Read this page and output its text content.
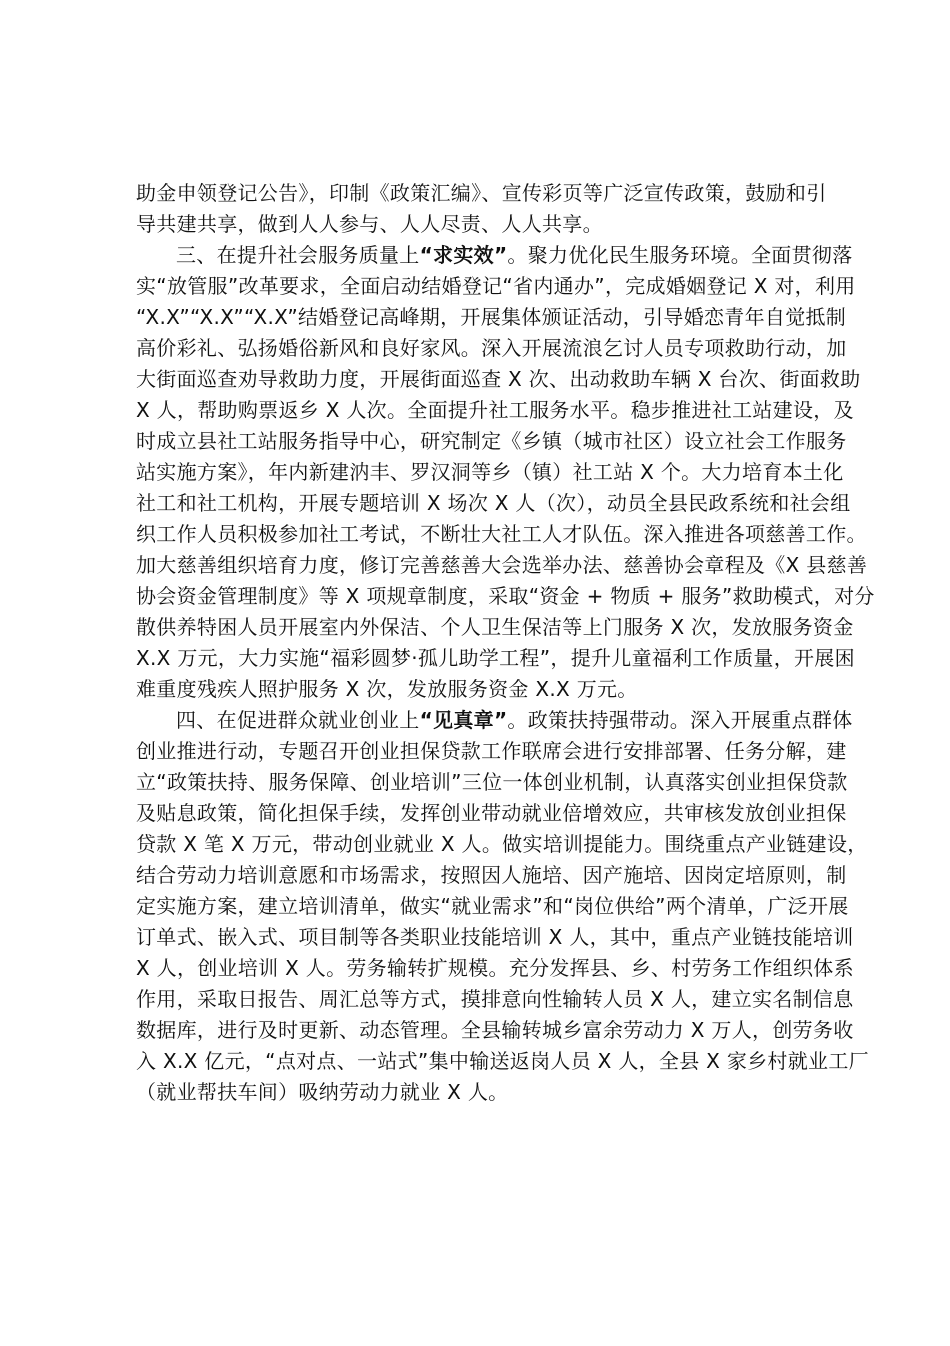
助金申领登记公告》，印制《政策汇编》、宣传彩页等广泛宣传政策，鼓励和引
导共建共享，做到人人参与、人人尽责、人人共享。

三、在提升社会服务质量上“求实效”。聚力优化民生服务环境。全面贯彻落
实“放管服”改革要求，全面启动结婚登记“省内通办”，完成婚姻登记 X 对，利用
“X.X”“X.X”“X.X”结婚登记高峰期，开展集体颁证活动，引导婚恋青年自觉抵制
高价彩礼、弘扬婚俗新风和良好家风。深入开展流浪乞讨人员专项救助行动，加
大街面巡查劝导救助力度，开展街面巡查 X 次、出动救助车辆 X 台次、街面救助
X 人，帮助购票返乡 X 人次。全面提升社工服务水平。稳步推进社工站建设，及
时成立县社工站服务指导中心，研究制定《乡镇（城市社区）设立社会工作服务
站实施方案》，年内新建汭丰、罗汉洞等乡（镇）社工站 X 个。大力培育本土化
社工和社工机构，开展专题培训 X 场次 X 人（次），动员全县民政系统和社会组
织工作人员积极参加社工考试，不断壮大社工人才队伍。深入推进各项慈善工作。
加大慈善组织培育力度，修订完善慈善大会选举办法、慈善协会章程及《X 县慈善
协会资金管理制度》等 X 项规章制度，采取“资金 + 物质 + 服务”救助模式，对分
散供养特困人员开展室内外保洁、个人卫生保洁等上门服务 X 次，发放服务资金
X.X 万元，大力实施“福彩圆梦·孤儿助学工程”，提升儿童福利工作质量，开展困
难重度残疾人照护服务 X 次，发放服务资金 X.X 万元。

四、在促进群众就业创业上“见真章”。政策扶持强带动。深入开展重点群体
创业推进行动，专题召开创业担保贷款工作联席会进行安排部署、任务分解，建
立“政策扶持、服务保障、创业培训”三位一体创业机制，认真落实创业担保贷款
及贴息政策，简化担保手续，发挥创业带动就业倍增效应，共审核发放创业担保
贷款 X 笔 X 万元，带动创业就业 X 人。做实培训提能力。围绕重点产业链建设，
结合劳动力培训意愿和市场需求，按照因人施培、因产施培、因岗定培原则，制
定实施方案，建立培训清单，做实“就业需求”和“岗位供给”两个清单，广泛开展
订单式、嵌入式、项目制等各类职业技能培训 X 人，其中，重点产业链技能培训
X 人，创业培训 X 人。劳务输转扩规模。充分发挥县、乡、村劳务工作组织体系
作用，采取日报告、周汇总等方式，摸排意向性输转人员 X 人，建立实名制信息
数据库，进行及时更新、动态管理。全县输转城乡富余劳动力 X 万人，创劳务收
入 X.X 亿元，“点对点、一站式”集中输送返岗人员 X 人，全县 X 家乡村就业工厂
（就业帮扶车间）吸纳劳动力就业 X 人。
